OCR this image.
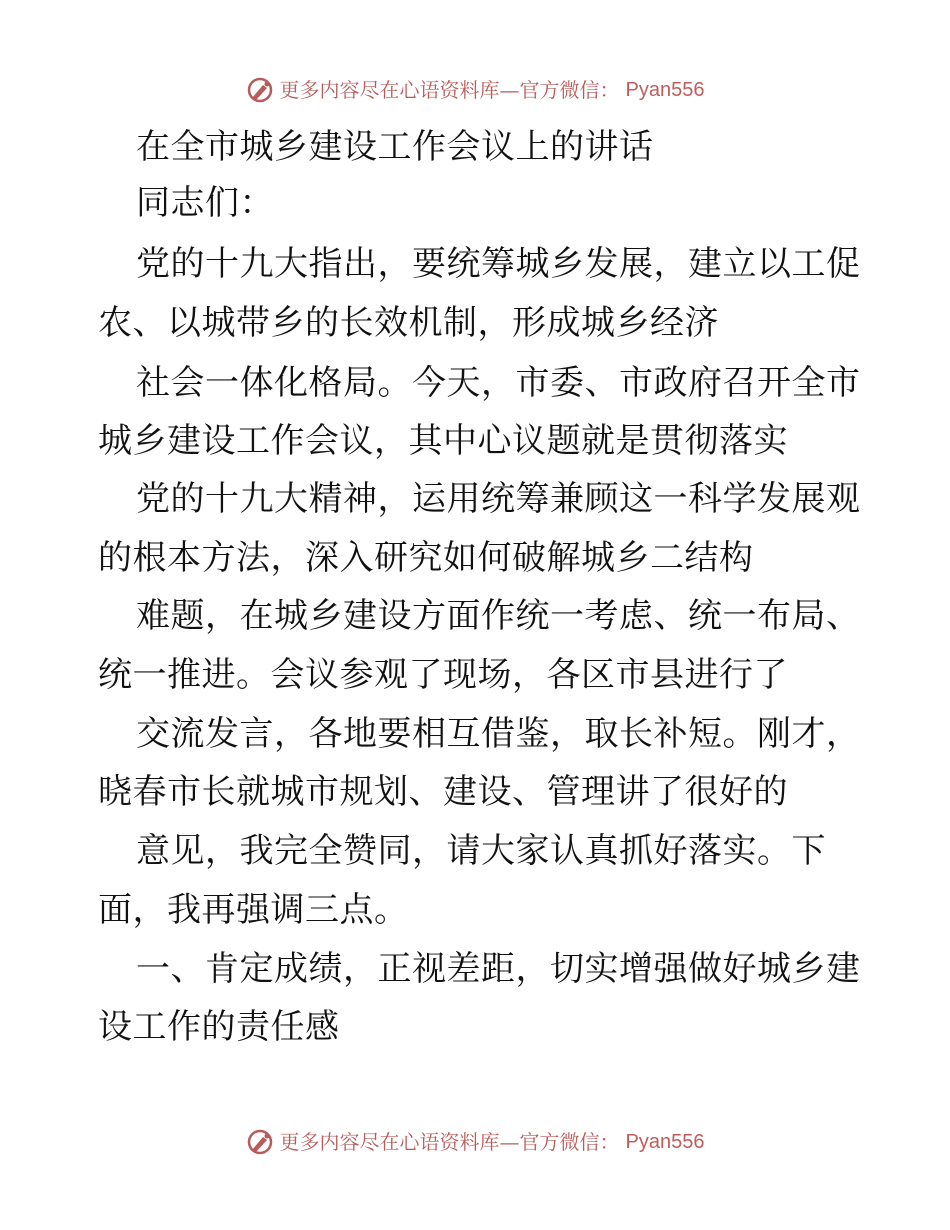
更多内容尽在心语资料库—官方微信： Pyan556
在全市城乡建设工作会议上的讲话
同志们：
党的十九大指出，要统筹城乡发展，建立以工促
农、以城带乡的长效机制，形成城乡经济
社会一体化格局。今天，市委、市政府召开全市
城乡建设工作会议，其中心议题就是贯彻落实
党的十九大精神，运用统筹兼顾这一科学发展观
的根本方法，深入研究如何破解城乡二结构
难题，在城乡建设方面作统一考虑、统一布局、
统一推进。会议参观了现场，各区市县进行了
交流发言，各地要相互借鉴，取长补短。刚才，
晓春市长就城市规划、建设、管理讲了很好的
意见，我完全赞同，请大家认真抓好落实。下
面，我再强调三点。
一、肯定成绩，正视差距，切实增强做好城乡建
设工作的责任感
更多内容尽在心语资料库—官方微信： Pyan556
